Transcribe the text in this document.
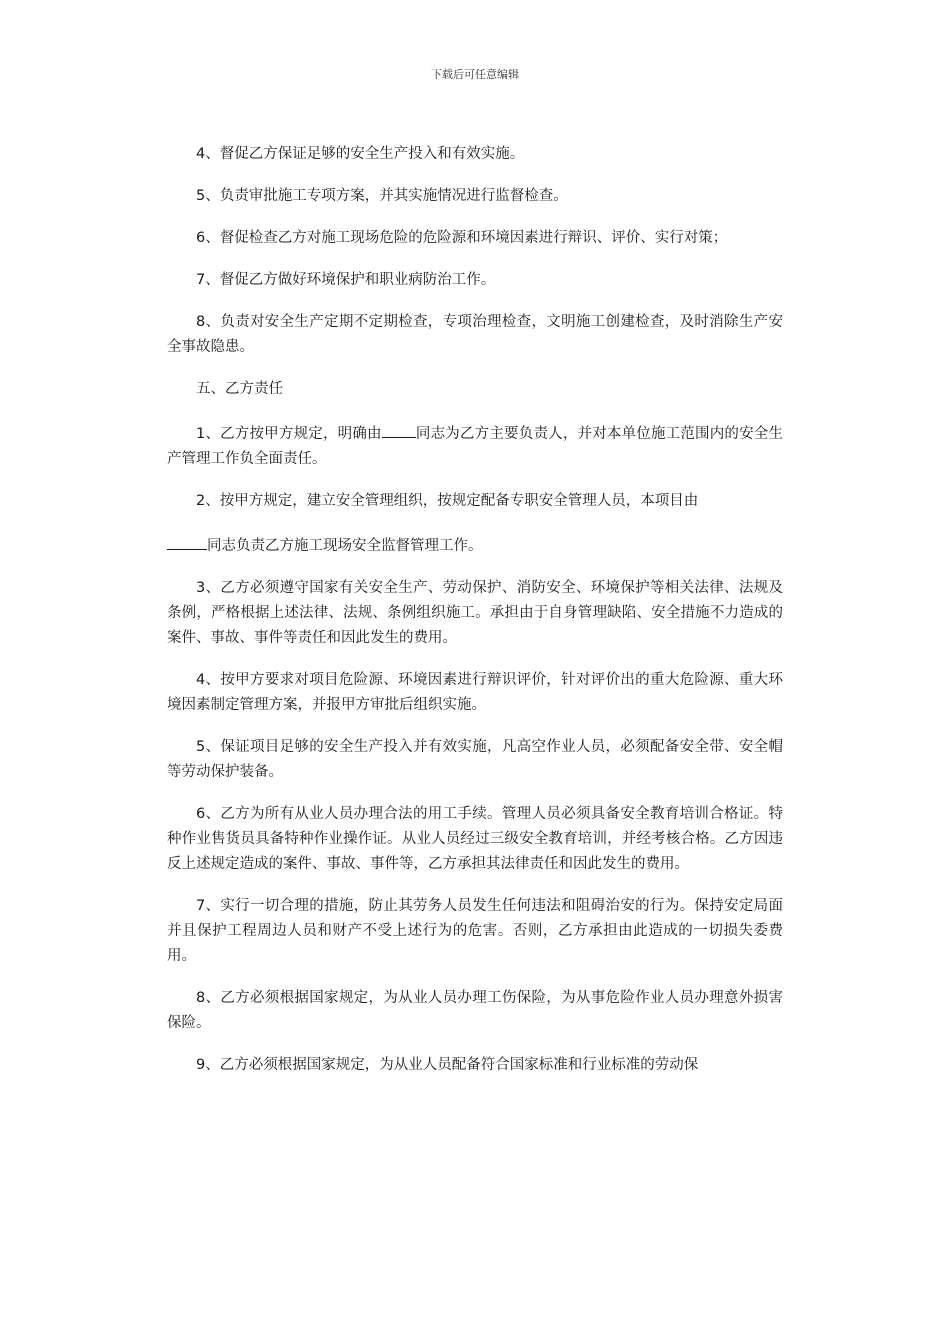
下载后可任意编辑

4、督促乙方保证足够的安全生产投入和有效实施。

5、负责审批施工专项方案，并其实施情况进行监督检查。

6、督促检查乙方对施工现场危险的危险源和环境因素进行辩识、评价、实行对策；

7、督促乙方做好环境保护和职业病防治工作。

8、负责对安全生产定期不定期检查，专项治理检查，文明施工创建检查，及时消除生产安全事故隐患。

五、乙方责任

1、乙方按甲方规定，明确由 同志为乙方主要负责人，并对本单位施工范围内的安全生产管理工作负全面责任。

2、按甲方规定，建立安全管理组织，按规定配备专职安全管理人员，本项目由

同志负责乙方施工现场安全监督管理工作。

3、乙方必须遵守国家有关安全生产、劳动保护、消防安全、环境保护等相关法律、法规及条例，严格根据上述法律、法规、条例组织施工。承担由于自身管理缺陷、安全措施不力造成的案件、事故、事件等责任和因此发生的费用。

4、按甲方要求对项目危险源、环境因素进行辩识评价，针对评价出的重大危险源、重大环境因素制定管理方案，并报甲方审批后组织实施。

5、保证项目足够的安全生产投入并有效实施，凡高空作业人员，必须配备安全带、安全帽等劳动保护装备。

6、乙方为所有从业人员办理合法的用工手续。管理人员必须具备安全教育培训合格证。特种作业售货员具备特种作业操作证。从业人员经过三级安全教育培训，并经考核合格。乙方因违反上述规定造成的案件、事故、事件等，乙方承担其法律责任和因此发生的费用。

7、实行一切合理的措施，防止其劳务人员发生任何违法和阻碍治安的行为。保持安定局面并且保护工程周边人员和财产不受上述行为的危害。否则，乙方承担由此造成的一切损失委费用。

8、乙方必须根据国家规定，为从业人员办理工伤保险，为从事危险作业人员办理意外损害保险。

9、乙方必须根据国家规定，为从业人员配备符合国家标准和行业标准的劳动保
